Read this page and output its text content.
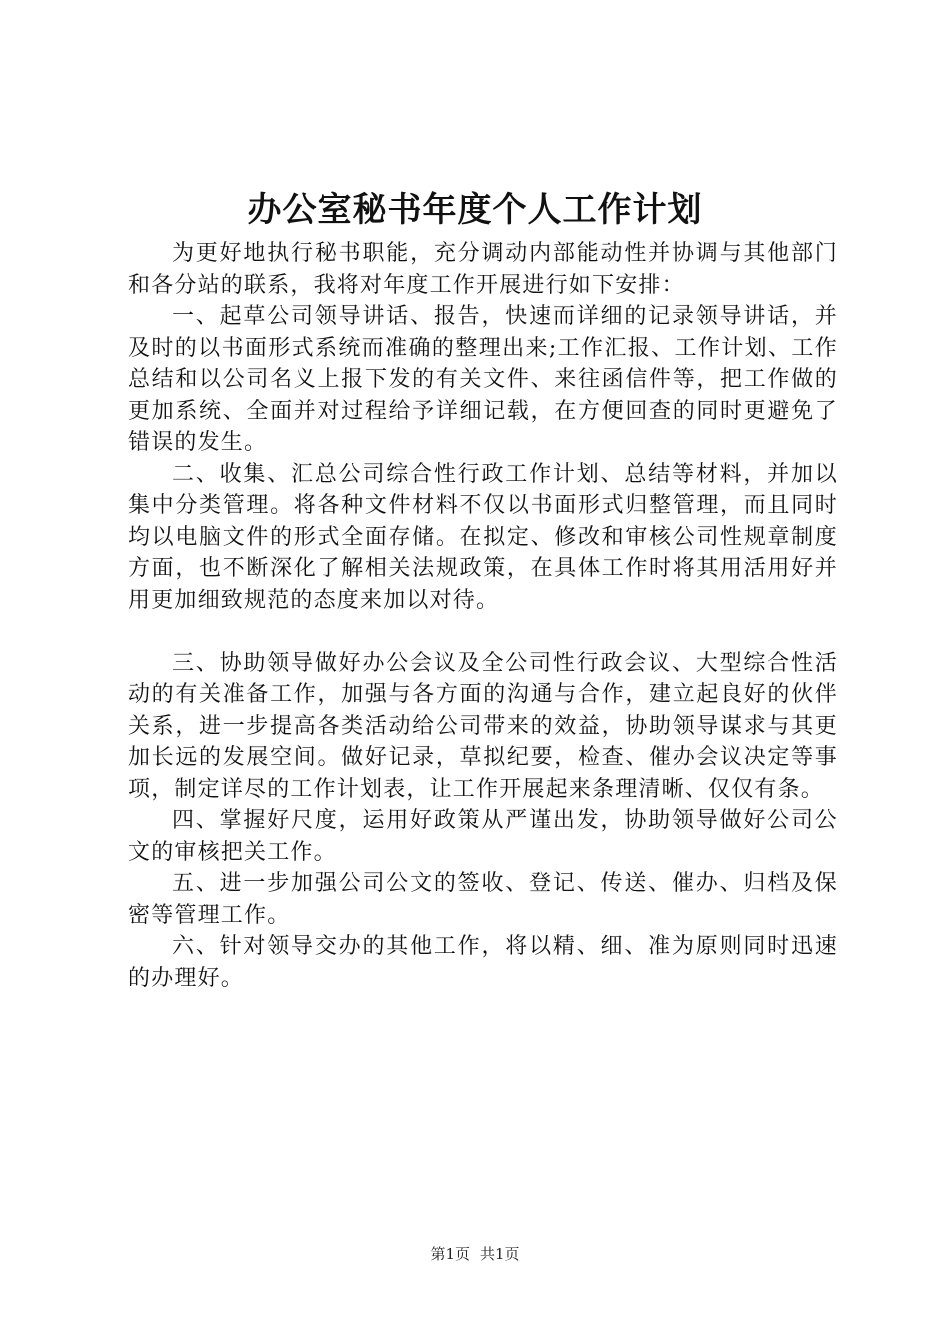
办公室秘书年度个人工作计划

为更好地执行秘书职能，充分调动内部能动性并协调与其他部门和各分站的联系，我将对年度工作开展进行如下安排：

一、起草公司领导讲话、报告，快速而详细的记录领导讲话，并及时的以书面形式系统而准确的整理出来;工作汇报、工作计划、工作总结和以公司名义上报下发的有关文件、来往函信件等，把工作做的更加系统、全面并对过程给予详细记载，在方便回查的同时更避免了错误的发生。

二、收集、汇总公司综合性行政工作计划、总结等材料，并加以集中分类管理。将各种文件材料不仅以书面形式归整管理，而且同时均以电脑文件的形式全面存储。在拟定、修改和审核公司性规章制度方面，也不断深化了解相关法规政策，在具体工作时将其用活用好并用更加细致规范的态度来加以对待。

三、协助领导做好办公会议及全公司性行政会议、大型综合性活动的有关准备工作，加强与各方面的沟通与合作，建立起良好的伙伴关系，进一步提高各类活动给公司带来的效益，协助领导谋求与其更加长远的发展空间。做好记录，草拟纪要，检查、催办会议决定等事项，制定详尽的工作计划表，让工作开展起来条理清晰、仅仅有条。

四、掌握好尺度，运用好政策从严谨出发，协助领导做好公司公文的审核把关工作。

五、进一步加强公司公文的签收、登记、传送、催办、归档及保密等管理工作。

六、针对领导交办的其他工作，将以精、细、准为原则同时迅速的办理好。

第1页 共1页
